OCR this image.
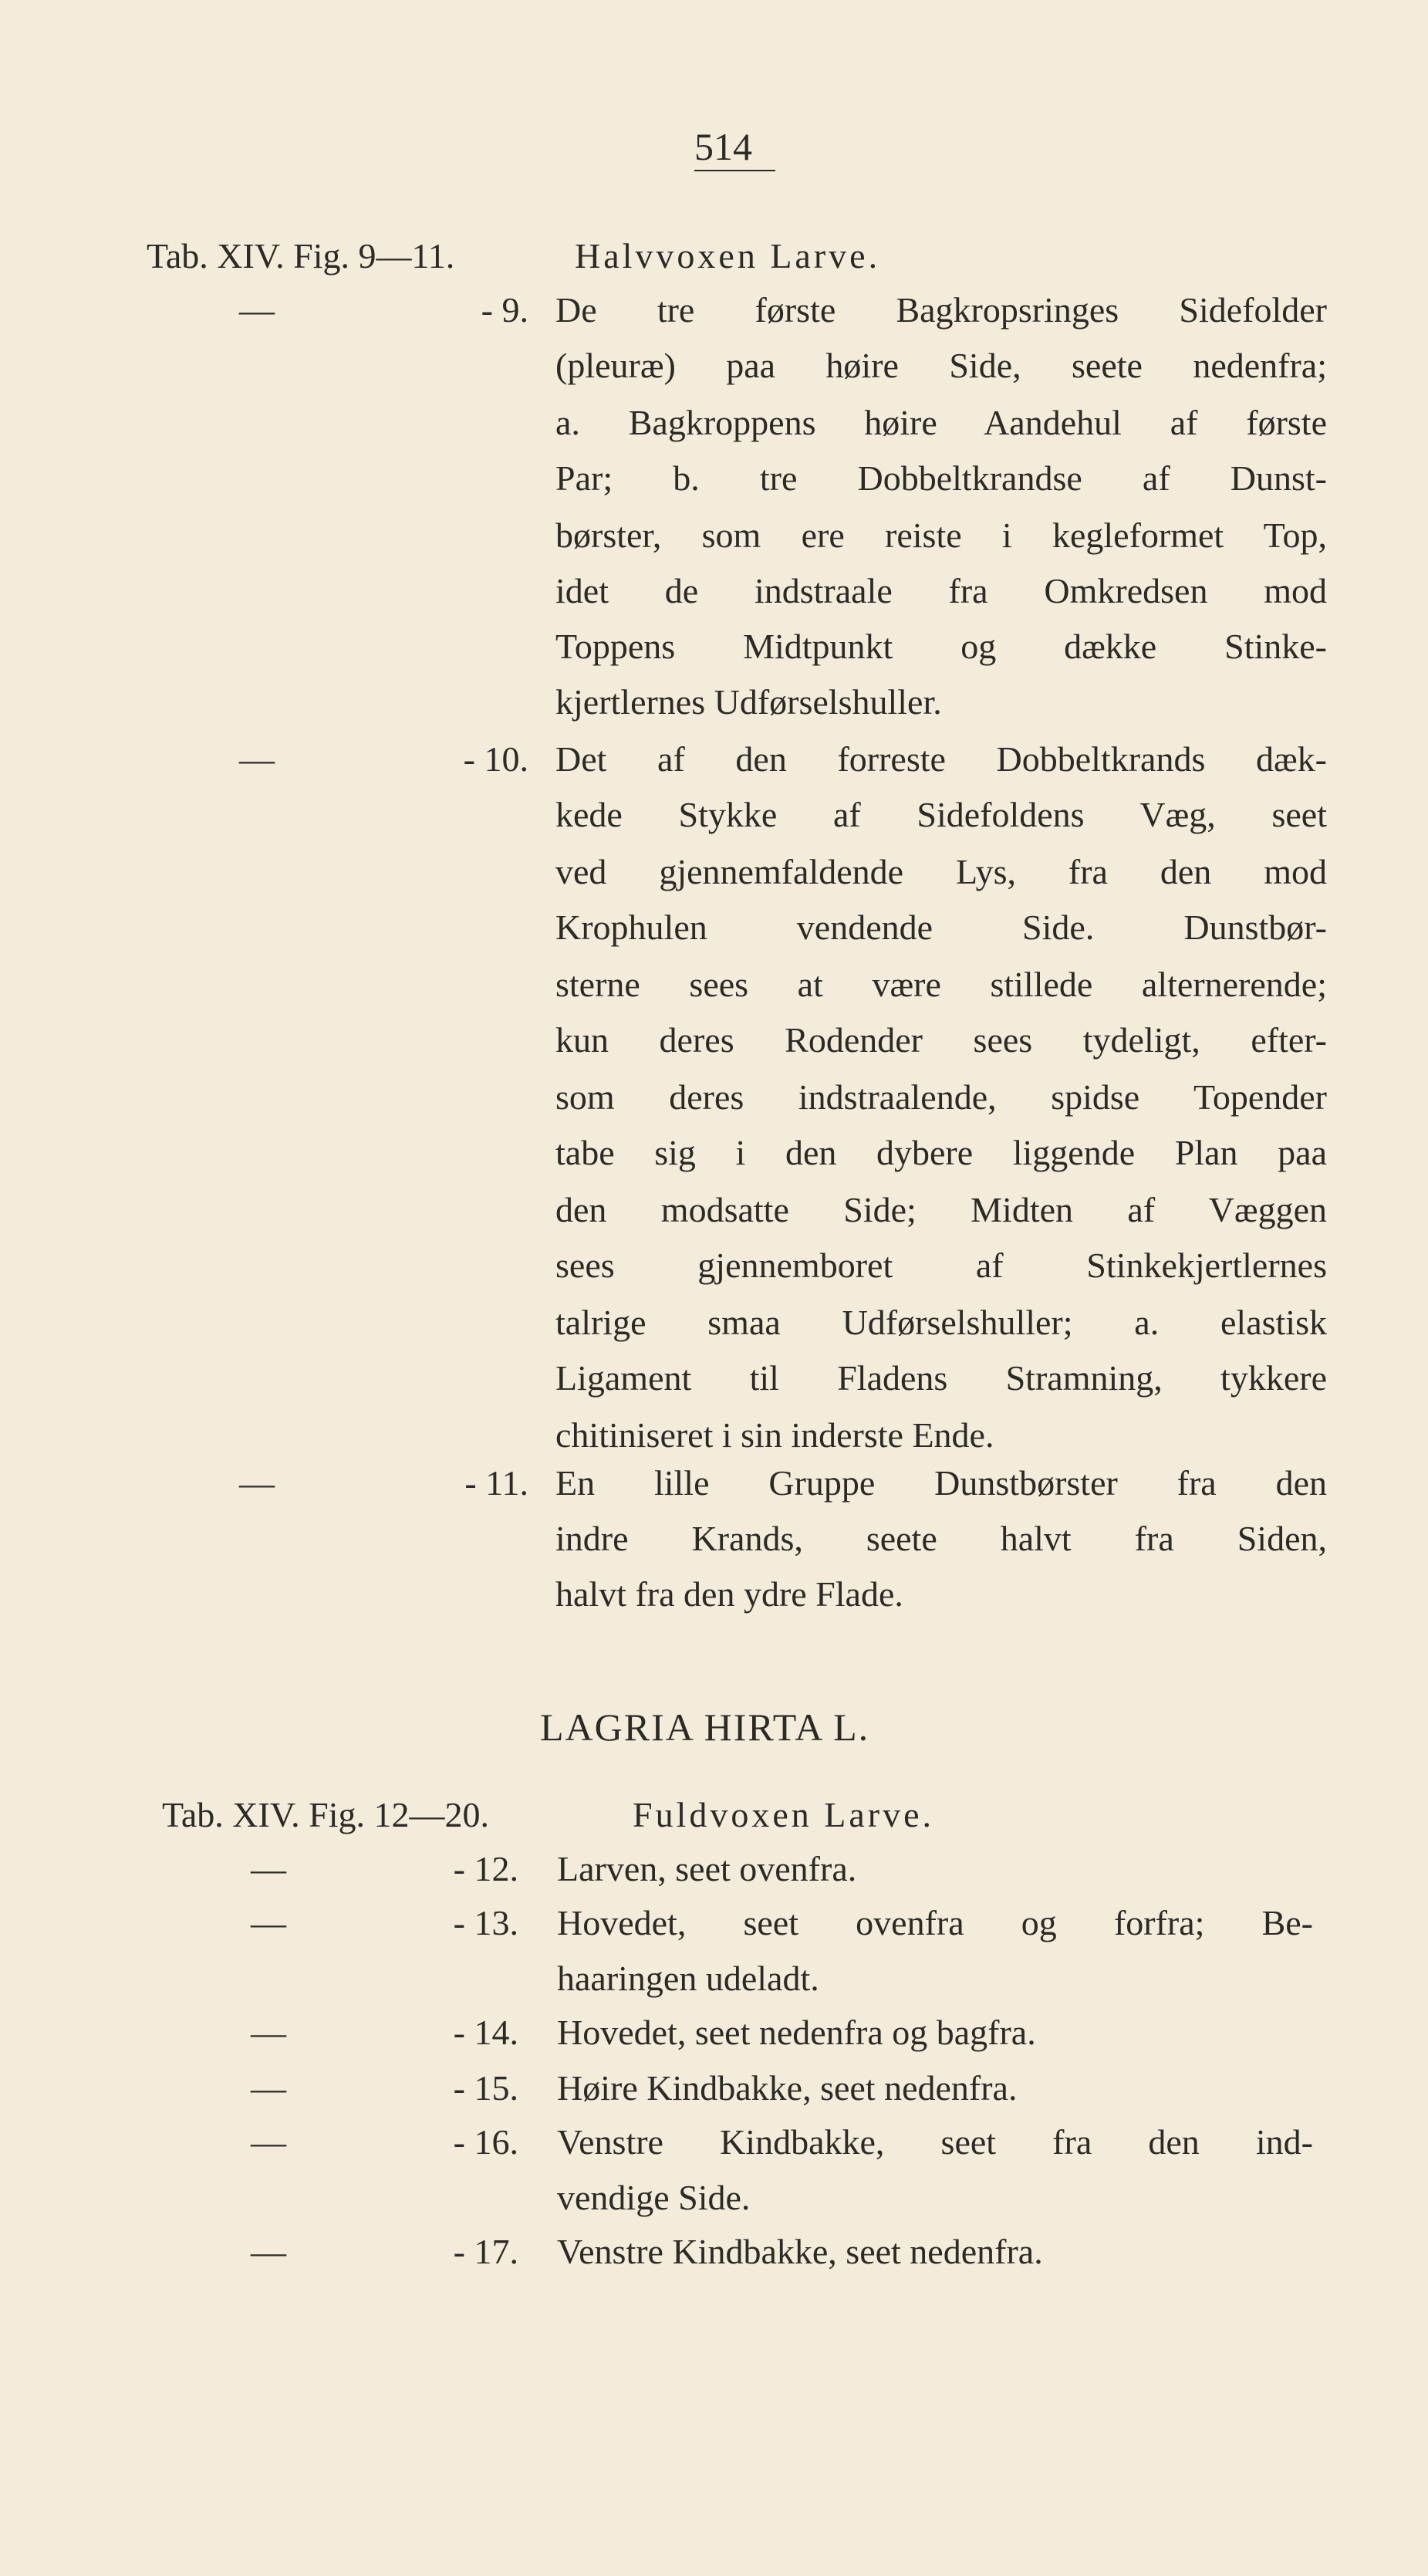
514
Tab. XIV. Fig. 9—11.	Halvvoxen Larve.
—	- 9. De tre første Bagkropsringes Sidefolder
(pleuræ) paa høire Side, seete nedenfra;
a. Bagkroppens høire Aandehul af første
Par; b. tre Dobbeltkrandse af Dunst-
børster, som ere reiste i kegleformet Top,
idet de indstraale fra Omkredsen mod
Toppens Midtpunkt og dække Stinke-
kjertlernes Udførselshuller.
—	- 10. Det af den forreste Dobbeltkrands dæk-
kede Stykke af Sidefoldens Væg, seet
ved gjennemfaldende Lys, fra den mod
Krophulen vendende Side. Dunstbør-
sterne sees at være stillede alternerende;
kun deres Rodender sees tydeligt, efter-
som deres indstraalende, spidse Topender
tabe sig i den dybere liggende Plan paa
den modsatte Side; Midten af Væggen
sees gjennemboret af Stinkekjertlernes
talrige smaa Udførselshuller; a. elastisk
Ligament til Fladens Stramning, tykkere
chitiniseret i sin inderste Ende.
—	- 11. En lille Gruppe Dunstbørster fra den
indre Krands, seete halvt fra Siden,
halvt fra den ydre Flade.
LAGRIA HIRTA L.
Tab. XIV. Fig. 12—20.	Fuldvoxen Larve.
—	- 12. Larven, seet ovenfra.
—	- 13. Hovedet, seet ovenfra og forfra; Be-
haaringen udeladt.
—	- 14. Hovedet, seet nedenfra og bagfra.
—	- 15. Høire Kindbakke, seet nedenfra.
—	- 16. Venstre Kindbakke, seet fra den ind-
vendige Side.
—	- 17. Venstre Kindbakke, seet nedenfra.
